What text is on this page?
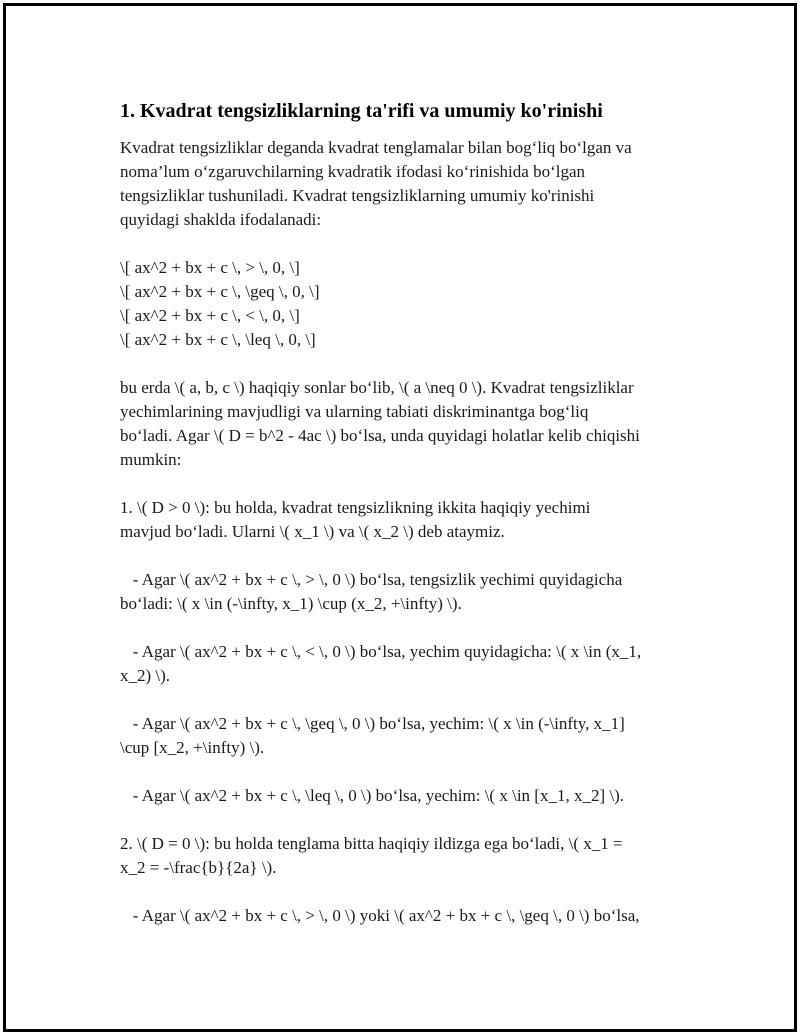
1. Kvadrat tengsizliklarning ta'rifi va umumiy ko'rinishi

Kvadrat tengsizliklar deganda kvadrat tenglamalar bilan bog‘liq bo‘lgan va
noma’lum o‘zgaruvchilarning kvadratik ifodasi ko‘rinishida bo‘lgan
tengsizliklar tushuniladi. Kvadrat tengsizliklarning umumiy ko'rinishi
quyidagi shaklda ifodalanadi:

\[ ax^2 + bx + c \, > \, 0, \]
\[ ax^2 + bx + c \, \geq \, 0, \]
\[ ax^2 + bx + c \, < \, 0, \]
\[ ax^2 + bx + c \, \leq \, 0, \]

bu erda \( a, b, c \) haqiqiy sonlar bo‘lib, \( a \neq 0 \). Kvadrat tengsizliklar
yechimlarining mavjudligi va ularning tabiati diskriminantga bog‘liq
bo‘ladi. Agar \( D = b^2 - 4ac \) bo‘lsa, unda quyidagi holatlar kelib chiqishi
mumkin:

1. \( D > 0 \): bu holda, kvadrat tengsizlikning ikkita haqiqiy yechimi
mavjud bo‘ladi. Ularni \( x_1 \) va \( x_2 \) deb ataymiz.

- Agar \( ax^2 + bx + c \, > \, 0 \) bo‘lsa, tengsizlik yechimi quyidagicha
bo‘ladi: \( x \in (-\infty, x_1) \cup (x_2, +\infty) \).

- Agar \( ax^2 + bx + c \, < \, 0 \) bo‘lsa, yechim quyidagicha: \( x \in (x_1,
x_2) \).

- Agar \( ax^2 + bx + c \, \geq \, 0 \) bo‘lsa, yechim: \( x \in (-\infty, x_1]
\cup [x_2, +\infty) \).

- Agar \( ax^2 + bx + c \, \leq \, 0 \) bo‘lsa, yechim: \( x \in [x_1, x_2] \).

2. \( D = 0 \): bu holda tenglama bitta haqiqiy ildizga ega bo‘ladi, \( x_1 =
x_2 = -\frac{b}{2a} \).

- Agar \( ax^2 + bx + c \, > \, 0 \) yoki \( ax^2 + bx + c \, \geq \, 0 \) bo‘lsa,
